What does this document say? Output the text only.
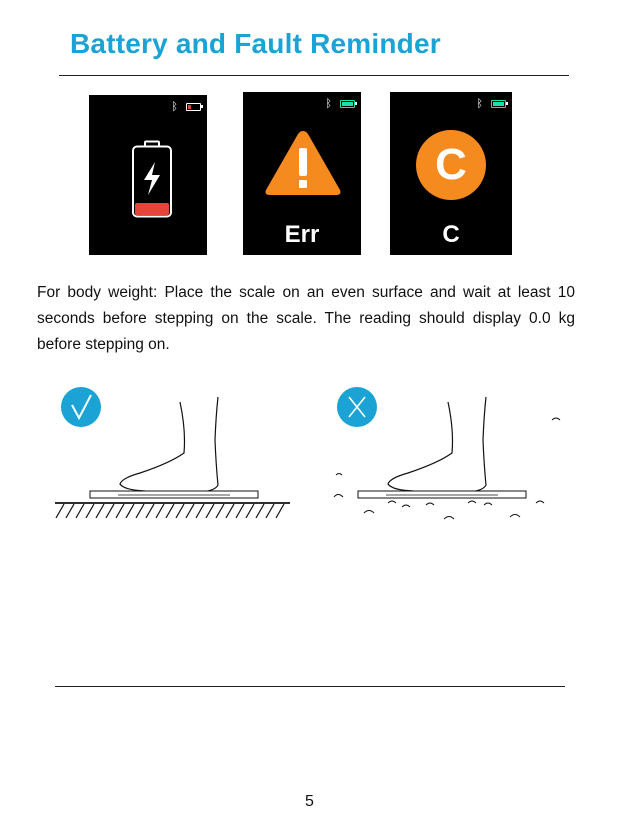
Battery and Fault Reminder
ᛒ	ᛒ
Err
ᛒ
C
C

For body weight: Place the scale on an even surface and wait at least 10 seconds before stepping on the scale. The reading should display 0.0 kg before stepping on.

5
